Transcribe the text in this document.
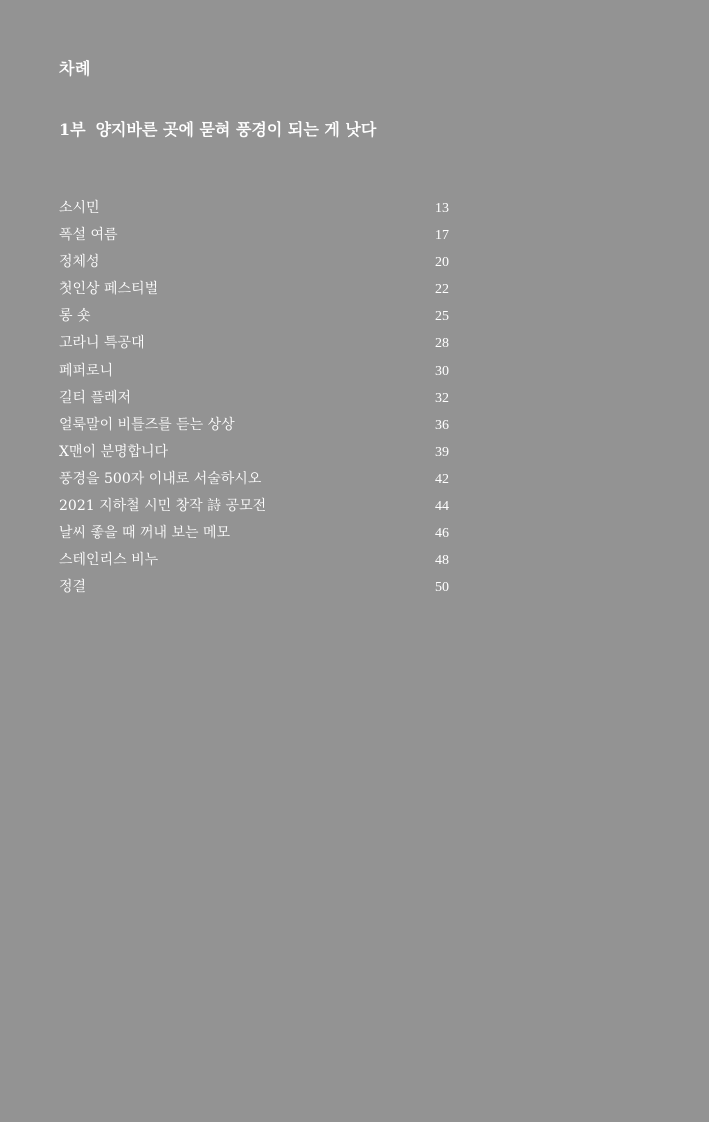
차례
1부 양지바른 곳에 묻혀 풍경이 되는 게 낫다
소시민	13
폭설 여름	17
정체성	20
첫인상 페스티벌	22
롱 숏	25
고라니 특공대	28
페퍼로니	30
길티 플레저	32
얼룩말이 비틀즈를 듣는 상상	36
X맨이 분명합니다	39
풍경을 500자 이내로 서술하시오	42
2021 지하철 시민 창작 詩 공모전	44
날씨 좋을 때 꺼내 보는 메모	46
스테인리스 비누	48
정결	50
